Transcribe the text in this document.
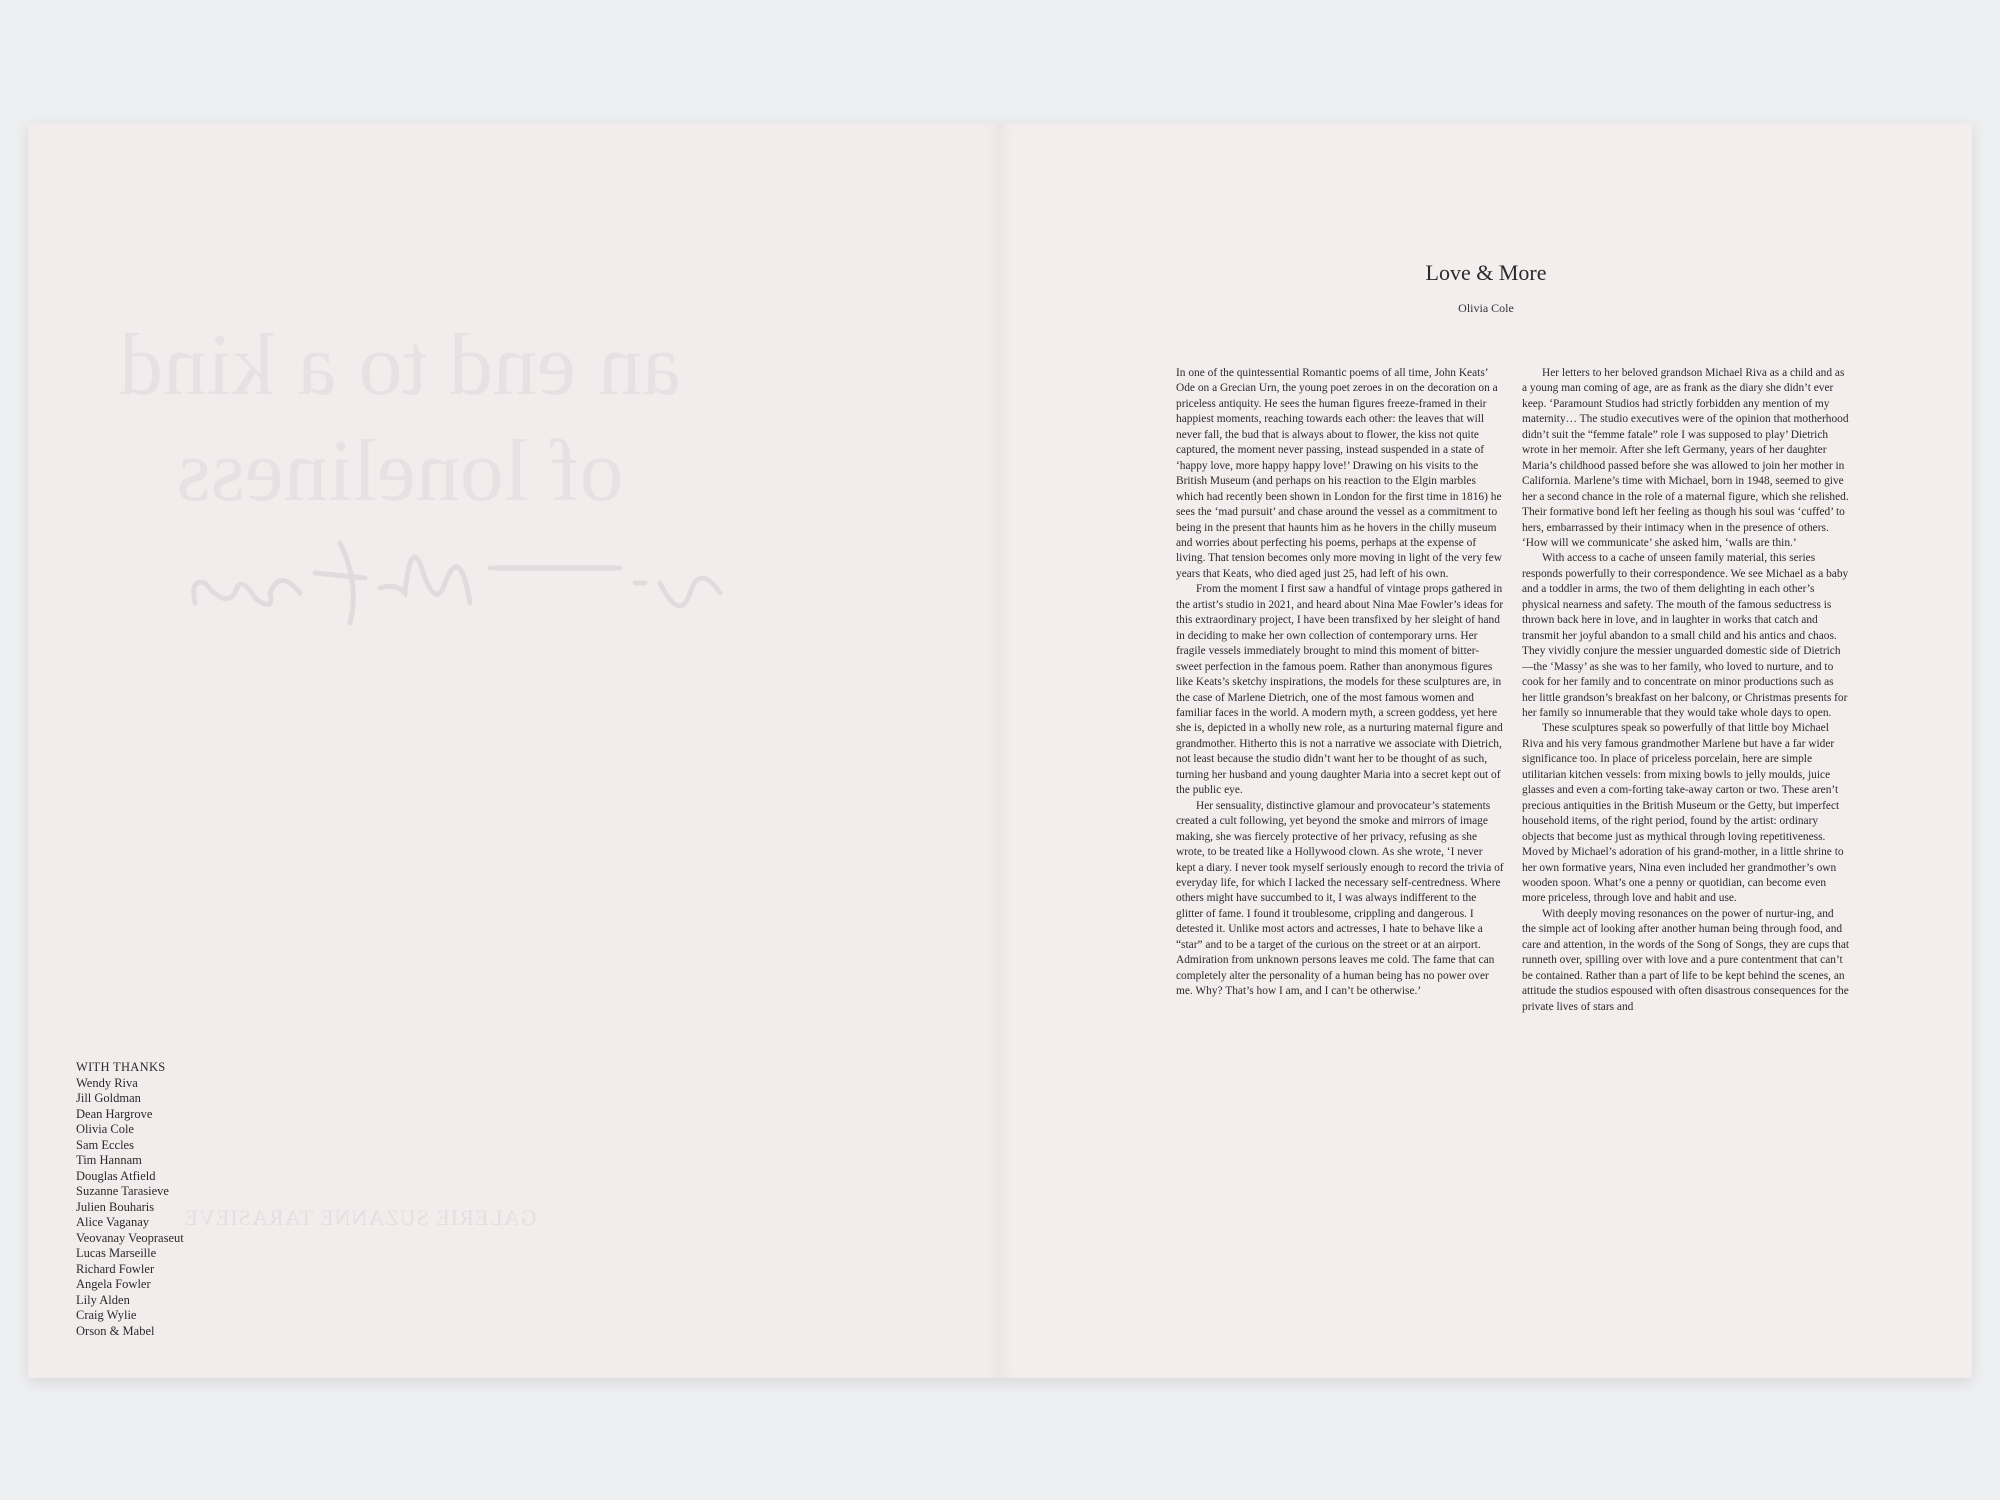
an end to a kind
of loneliness
GALERIE SUZANNE TARASIEVE
WITH THANKS
Wendy Riva
Jill Goldman
Dean Hargrove
Olivia Cole
Sam Eccles
Tim Hannam
Douglas Atfield
Suzanne Tarasieve
Julien Bouharis
Alice Vaganay
Veovanay Veopraseut
Lucas Marseille
Richard Fowler
Angela Fowler
Lily Alden
Craig Wylie
Orson & Mabel
Love & More
Olivia Cole

In one of the quintessential Romantic poems of all time, John Keats’ Ode on a Grecian Urn, the young poet zeroes in on the decoration on a priceless antiquity. He sees the human figures freeze-framed in their happiest moments, reaching towards each other: the leaves that will never fall, the bud that is always about to flower, the kiss not quite captured, the moment never passing, instead suspended in a state of ‘happy love, more happy happy love!’ Drawing on his visits to the British Museum (and perhaps on his reaction to the Elgin marbles which had recently been shown in London for the first time in 1816) he sees the ‘mad pursuit’ and chase around the vessel as a commitment to being in the present that haunts him as he hovers in the chilly museum and worries about perfecting his poems, perhaps at the expense of living. That tension becomes only more moving in light of the very few years that Keats, who died aged just 25, had left of his own.

From the moment I first saw a handful of vintage props gathered in the artist’s studio in 2021, and heard about Nina Mae Fowler’s ideas for this extraordinary project, I have been transfixed by her sleight of hand in deciding to make her own collection of contemporary urns. Her fragile vessels immediately brought to mind this moment of bitter-sweet perfection in the famous poem. Rather than anonymous figures like Keats’s sketchy inspirations, the models for these sculptures are, in the case of Marlene Dietrich, one of the most famous women and familiar faces in the world. A modern myth, a screen goddess, yet here she is, depicted in a wholly new role, as a nurturing maternal figure and grandmother. Hitherto this is not a narrative we associate with Dietrich, not least because the studio didn’t want her to be thought of as such, turning her husband and young daughter Maria into a secret kept out of the public eye.

Her sensuality, distinctive glamour and provocateur’s statements created a cult following, yet beyond the smoke and mirrors of image making, she was fiercely protective of her privacy, refusing as she wrote, to be treated like a Hollywood clown. As she wrote, ‘I never kept a diary. I never took myself seriously enough to record the trivia of everyday life, for which I lacked the necessary self-centredness. Where others might have succumbed to it, I was always indifferent to the glitter of fame. I found it troublesome, crippling and dangerous. I detested it. Unlike most actors and actresses, I hate to behave like a “star” and to be a target of the curious on the street or at an airport. Admiration from unknown persons leaves me cold. The fame that can completely alter the personality of a human being has no power over me. Why? That’s how I am, and I can’t be otherwise.’

Her letters to her beloved grandson Michael Riva as a child and as a young man coming of age, are as frank as the diary she didn’t ever keep. ‘Paramount Studios had strictly forbidden any mention of my maternity… The studio executives were of the opinion that motherhood didn’t suit the “femme fatale” role I was supposed to play’ Dietrich wrote in her memoir. After she left Germany, years of her daughter Maria’s childhood passed before she was allowed to join her mother in California. Marlene’s time with Michael, born in 1948, seemed to give her a second chance in the role of a maternal figure, which she relished. Their formative bond left her feeling as though his soul was ‘cuffed’ to hers, embarrassed by their intimacy when in the presence of others. ‘How will we communicate’ she asked him, ‘walls are thin.’

With access to a cache of unseen family material, this series responds powerfully to their correspondence. We see Michael as a baby and a toddler in arms, the two of them delighting in each other’s physical nearness and safety. The mouth of the famous seductress is thrown back here in love, and in laughter in works that catch and transmit her joyful abandon to a small child and his antics and chaos. They vividly conjure the messier unguarded domestic side of Dietrich—the ‘Massy’ as she was to her family, who loved to nurture, and to cook for her family and to concentrate on minor productions such as her little grandson’s breakfast on her balcony, or Christmas presents for her family so innumerable that they would take whole days to open.

These sculptures speak so powerfully of that little boy Michael Riva and his very famous grandmother Marlene but have a far wider significance too. In place of priceless porcelain, here are simple utilitarian kitchen vessels: from mixing bowls to jelly moulds, juice glasses and even a com-forting take-away carton or two. These aren’t precious antiquities in the British Museum or the Getty, but imperfect household items, of the right period, found by the artist: ordinary objects that become just as mythical through loving repetitiveness. Moved by Michael’s adoration of his grand-mother, in a little shrine to her own formative years, Nina even included her grandmother’s own wooden spoon. What’s one a penny or quotidian, can become even more priceless, through love and habit and use.

With deeply moving resonances on the power of nurtur-ing, and the simple act of looking after another human being through food, and care and attention, in the words of the Song of Songs, they are cups that runneth over, spilling over with love and a pure contentment that can’t be contained. Rather than a part of life to be kept behind the scenes, an attitude the studios espoused with often disastrous consequences for the private lives of stars and
